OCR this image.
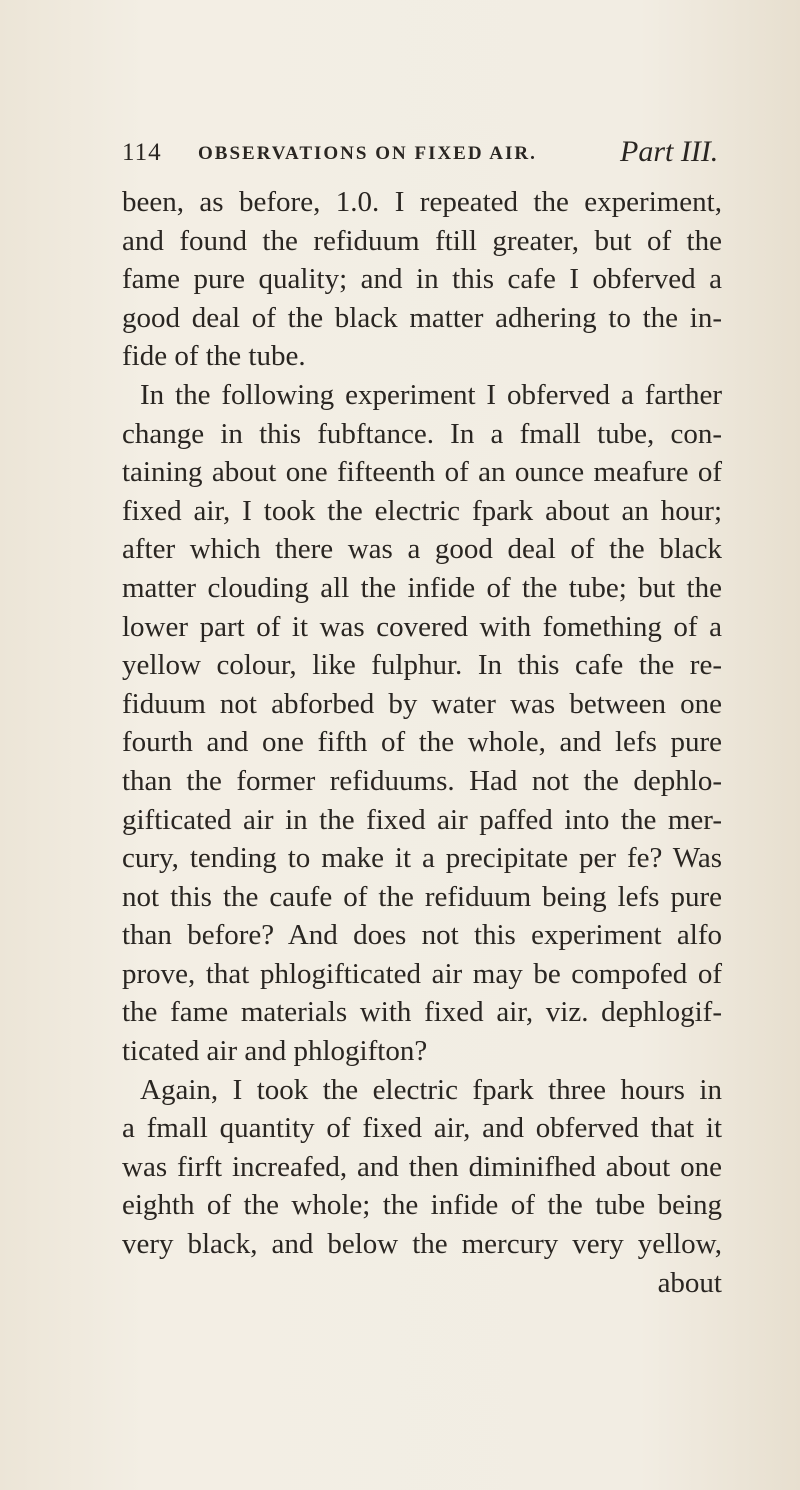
114 OBSERVATIONS ON FIXED AIR.	Part III.
been, as before, 1.0. I repeated the experiment,
and found the refiduum ftill greater, but of the
fame pure quality; and in this cafe I obferved a
good deal of the black matter adhering to the in-
fide of the tube.
In the following experiment I obferved a farther
change in this fubftance. In a fmall tube, con-
taining about one fifteenth of an ounce meafure of
fixed air, I took the electric fpark about an hour;
after which there was a good deal of the black
matter clouding all the infide of the tube; but the
lower part of it was covered with fomething of a
yellow colour, like fulphur. In this cafe the re-
fiduum not abforbed by water was between one
fourth and one fifth of the whole, and lefs pure
than the former refiduums. Had not the dephlo-
gifticated air in the fixed air paffed into the mer-
cury, tending to make it a precipitate per fe? Was
not this the caufe of the refiduum being lefs pure
than before? And does not this experiment alfo
prove, that phlogifticated air may be compofed of
the fame materials with fixed air, viz. dephlogif-
ticated air and phlogifton?
Again, I took the electric fpark three hours in
a fmall quantity of fixed air, and obferved that it
was firft increafed, and then diminifhed about one
eighth of the whole; the infide of the tube being
very black, and below the mercury very yellow,
about
